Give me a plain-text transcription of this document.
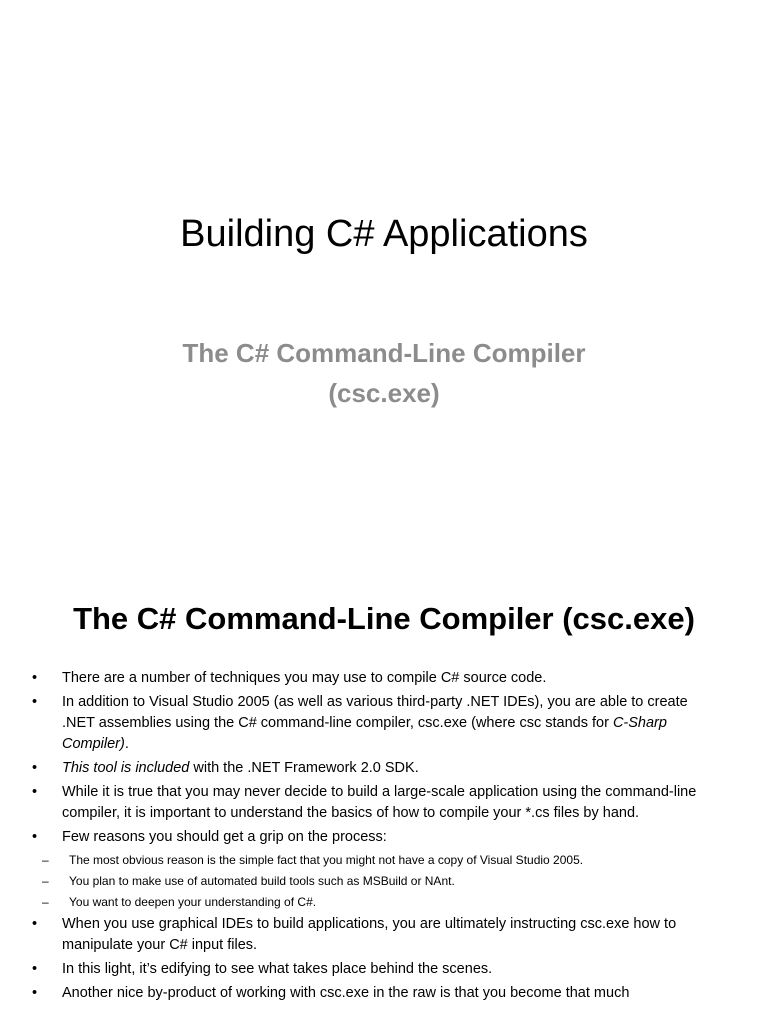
Building C# Applications
The C# Command-Line Compiler
(csc.exe)
The C# Command-Line Compiler (csc.exe)
• There are a number of techniques you may use to compile C# source code.
• In addition to Visual Studio 2005 (as well as various third-party .NET IDEs), you are able to create .NET assemblies using the C# command-line compiler, csc.exe (where csc stands for C-Sharp Compiler).
• This tool is included with the .NET Framework 2.0 SDK.
• While it is true that you may never decide to build a large-scale application using the command-line compiler, it is important to understand the basics of how to compile your *.cs files by hand.
• Few reasons you should get a grip on the process:
– The most obvious reason is the simple fact that you might not have a copy of Visual Studio 2005.
– You plan to make use of automated build tools such as MSBuild or NAnt.
– You want to deepen your understanding of C#.
• When you use graphical IDEs to build applications, you are ultimately instructing csc.exe how to manipulate your C# input files.
• In this light, it’s edifying to see what takes place behind the scenes.
• Another nice by-product of working with csc.exe in the raw is that you become that much
